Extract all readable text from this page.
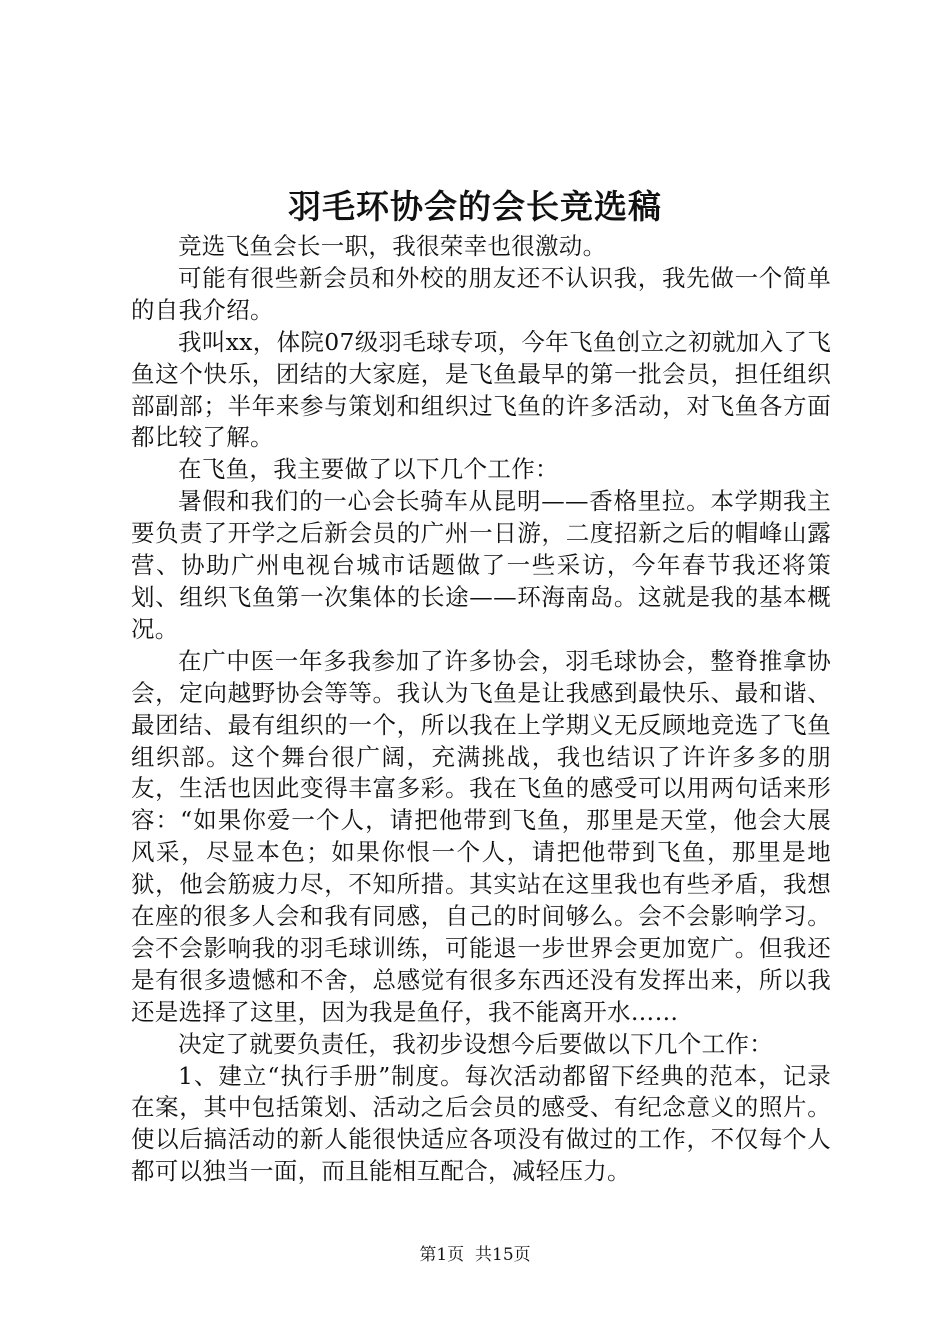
羽毛环协会的会长竞选稿

竞选飞鱼会长一职，我很荣幸也很激动。

可能有很些新会员和外校的朋友还不认识我，我先做一个简单的自我介绍。

我叫xx，体院07级羽毛球专项，今年飞鱼创立之初就加入了飞鱼这个快乐，团结的大家庭，是飞鱼最早的第一批会员，担任组织部副部；半年来参与策划和组织过飞鱼的许多活动，对飞鱼各方面都比较了解。

在飞鱼，我主要做了以下几个工作：

暑假和我们的一心会长骑车从昆明——香格里拉。本学期我主要负责了开学之后新会员的广州一日游，二度招新之后的帽峰山露营、协助广州电视台城市话题做了一些采访，今年春节我还将策划、组织飞鱼第一次集体的长途——环海南岛。这就是我的基本概况。

在广中医一年多我参加了许多协会，羽毛球协会，整脊推拿协会，定向越野协会等等。我认为飞鱼是让我感到最快乐、最和谐、最团结、最有组织的一个，所以我在上学期义无反顾地竞选了飞鱼组织部。这个舞台很广阔，充满挑战，我也结识了许许多多的朋友，生活也因此变得丰富多彩。我在飞鱼的感受可以用两句话来形容：“如果你爱一个人，请把他带到飞鱼，那里是天堂，他会大展风采，尽显本色；如果你恨一个人，请把他带到飞鱼，那里是地狱，他会筋疲力尽，不知所措。其实站在这里我也有些矛盾，我想在座的很多人会和我有同感，自己的时间够么。会不会影响学习。会不会影响我的羽毛球训练，可能退一步世界会更加宽广。但我还是有很多遗憾和不舍，总感觉有很多东西还没有发挥出来，所以我还是选择了这里，因为我是鱼仔，我不能离开水……

决定了就要负责任，我初步设想今后要做以下几个工作：

1、建立“执行手册”制度。每次活动都留下经典的范本，记录在案，其中包括策划、活动之后会员的感受、有纪念意义的照片。使以后搞活动的新人能很快适应各项没有做过的工作，不仅每个人都可以独当一面，而且能相互配合，减轻压力。

第1页 共15页
